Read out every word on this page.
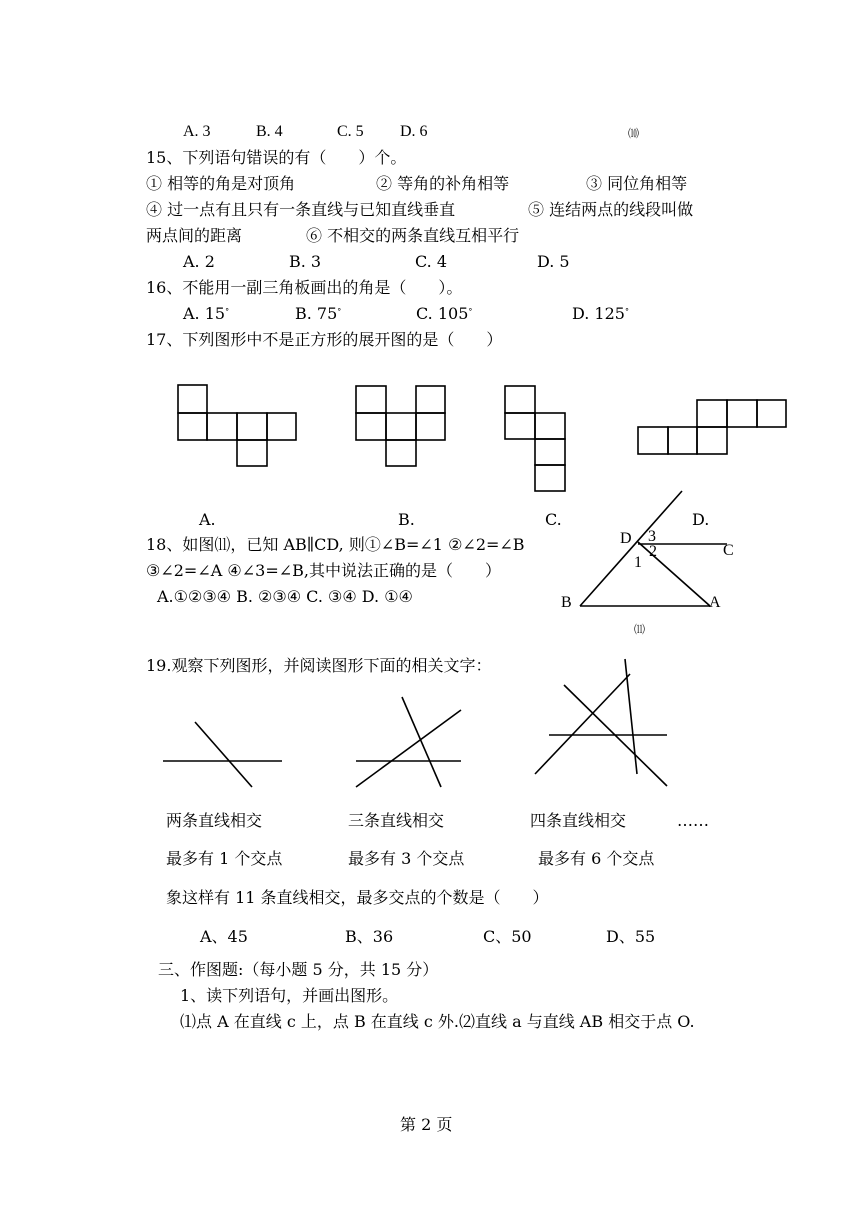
A. 3	B. 4	C. 5 D. 6	⑽
15、下列语句错误的有（　　）个。
① 相等的角是对顶角	② 等角的补角相等	③ 同位角相等
④ 过一点有且只有一条直线与已知直线垂直	⑤ 连结两点的线段叫做
两点间的距离	⑥ 不相交的两条直线互相平行
A. 2	B. 3	C. 4	D. 5
16、不能用一副三角板画出的角是（　　）。
A. 15°	B. 75°	C. 105°	D. 125°
17、下列图形中不是正方形的展开图的是（　　）
A.	B.	C.	D.
18、如图⑾，已知 AB∥CD, 则①∠B=∠1 ②∠2=∠B
③∠2=∠A ④∠3=∠B,其中说法正确的是（　　）
A.①②③④ B. ②③④ C. ③④ D. ①④
⑾
19.观察下列图形，并阅读图形下面的相关文字：
两条直线相交	三条直线相交	四条直线相交	……
最多有 1 个交点	最多有 3 个交点	最多有 6 个交点
象这样有 11 条直线相交，最多交点的个数是（　　）
A、45	B、36	C、50	D、55
三、作图题:（每小题 5 分，共 15 分）
1、读下列语句，并画出图形。
⑴点 A 在直线 c 上，点 B 在直线 c 外.⑵直线 a 与直线 AB 相交于点 O.
第 2 页
D 3
2
1
C
B	A
